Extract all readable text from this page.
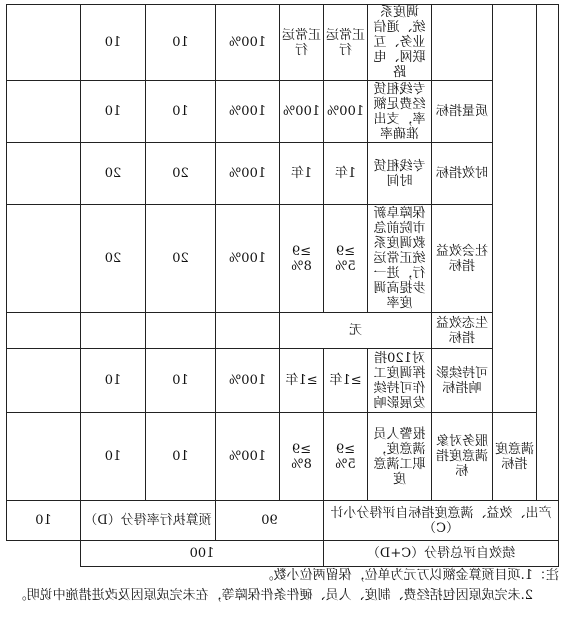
			调度系统、通信业务、互联网、电路	正常运行	正常运行	100%	10	10	
		质量指标	专线租赁经费足额率，支出准确率	100%	100%	100%	10	10	
		时效指标	专线租赁时间	1年	1年	100%	20	20	
		社会效益指标	保障阜新市院前急救调度系统正常运行，进一步提高调度率	≥95%	≥98%	100%	20	20	
		生态效益指标	无						
		可持续影响指标	对120指挥调度工作可持续发展影响	≥1年	≥1年	100%	10	10	
	满意度指标	服务对象满意度指标	报警人员满意度，职工满意度	≥95%	≥98%	100%	10	10	
产出、效益、满意度指标自评得分小计（C）					90		预算执行率得分（D）		10
绩效自评总得分（C+D）					100				

注：1.项目预算金额以万元为单位，保留两位小数。

2.未完成原因包括经费、制度、人员、硬件条件保障等，在未完成原因及改进措施中说明。
